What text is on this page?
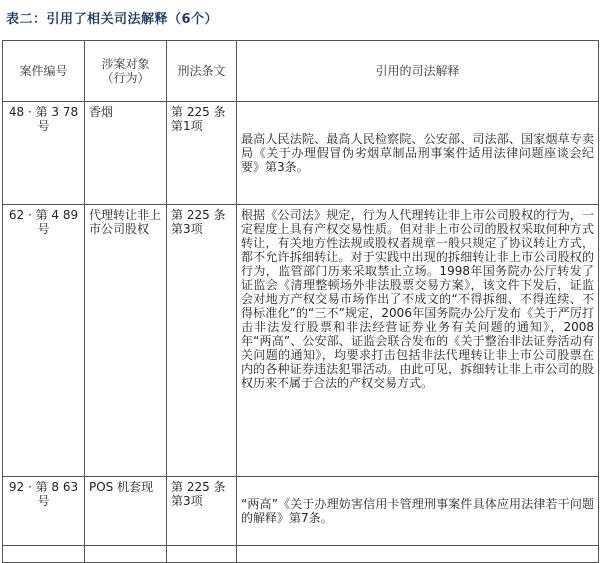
表二：引用了相关司法解释（6个）
案件编号	涉案对象（行为）	刑法条文	引用的司法解释
48 · 第 3 78号	香烟	第 225 条第1项	最高人民法院、最高人民检察院、公安部、司法部、国家烟草专卖局《关于办理假冒伪劣烟草制品刑事案件适用法律问题座谈会纪要》第3条。
62 · 第 4 89号	代理转让非上市公司股权	第 225 条第3项	根据《公司法》规定，行为人代理转让非上市公司股权的行为，一定程度上具有产权交易性质。但对非上市公司的股权采取何种方式转让，有关地方性法规或股权者规章一般只规定了协议转让方式，都不允许拆细转让。对于实践中出现的拆细转让非上市公司股权的行为，监管部门历来采取禁止立场。1998年国务院办公厅转发了证监会《清理整顿场外非法股票交易方案》，该文件下发后，证监会对地方产权交易市场作出了不成文的“不得拆细、不得连续、不得标准化”的“三不”规定，2006年国务院办公厅发布《关于严厉打击非法发行股票和非法经营证券业务有关问题的通知》，2008年“两高”、公安部、证监会联合发布的《关于整治非法证券活动有关问题的通知》，均要求打击包括非法代理转让非上市公司股票在内的各种证券违法犯罪活动。由此可见，拆细转让非上市公司的股权历来不属于合法的产权交易方式。
92 · 第 8 63号	POS 机套现	第 225 条第3项	“两高”《关于办理妨害信用卡管理刑事案件具体应用法律若干问题的解释》第7条。
